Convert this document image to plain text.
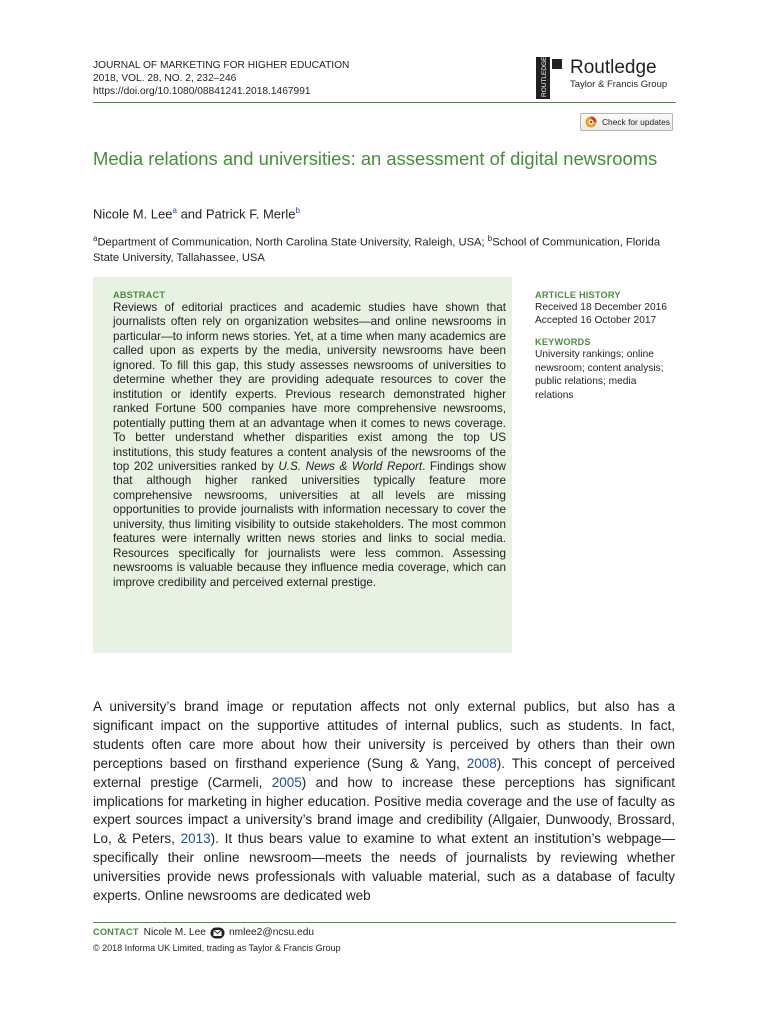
JOURNAL OF MARKETING FOR HIGHER EDUCATION
2018, VOL. 28, NO. 2, 232–246
https://doi.org/10.1080/08841241.2018.1467991	ROUTLEDGE Routledge
Taylor & Francis Group
Check for updates
Media relations and universities: an assessment of digital newsrooms
Nicole M. Lee$^a$ and Patrick F. Merle$^b$
$^a$Department of Communication, North Carolina State University, Raleigh, USA; $^b$School of Communication, Florida State University, Tallahassee, USA
ABSTRACT

Reviews of editorial practices and academic studies have shown that journalists often rely on organization websites—and online newsrooms in particular—to inform news stories. Yet, at a time when many academics are called upon as experts by the media, university newsrooms have been ignored. To fill this gap, this study assesses newsrooms of universities to determine whether they are providing adequate resources to cover the institution or identify experts. Previous research demonstrated higher ranked Fortune 500 companies have more comprehensive newsrooms, potentially putting them at an advantage when it comes to news coverage. To better understand whether disparities exist among the top US institutions, this study features a content analysis of the newsrooms of the top 202 universities ranked by U.S. News & World Report. Findings show that although higher ranked universities typically feature more comprehensive newsrooms, universities at all levels are missing opportunities to provide journalists with information necessary to cover the university, thus limiting visibility to outside stakeholders. The most common features were internally written news stories and links to social media. Resources specifically for journalists were less common. Assessing newsrooms is valuable because they influence media coverage, which can improve credibility and perceived external prestige.

ARTICLE HISTORY
Received 18 December 2016
Accepted 16 October 2017
KEYWORDS
University rankings; online newsroom; content analysis; public relations; media relations

A university’s brand image or reputation affects not only external publics, but also has a significant impact on the supportive attitudes of internal publics, such as students. In fact, students often care more about how their university is perceived by others than their own perceptions based on firsthand experience (Sung & Yang, 2008). This concept of perceived external prestige (Carmeli, 2005) and how to increase these perceptions has significant implications for marketing in higher education. Positive media coverage and the use of faculty as expert sources impact a university’s brand image and credibility (Allgaier, Dunwoody, Brossard, Lo, & Peters, 2013). It thus bears value to examine to what extent an institution’s webpage—specifically their online newsroom—meets the needs of journalists by reviewing whether universities provide news professionals with valuable material, such as a database of faculty experts. Online newsrooms are dedicated web

CONTACT Nicole M. Lee nmlee2@ncsu.edu
© 2018 Informa UK Limited, trading as Taylor & Francis Group
